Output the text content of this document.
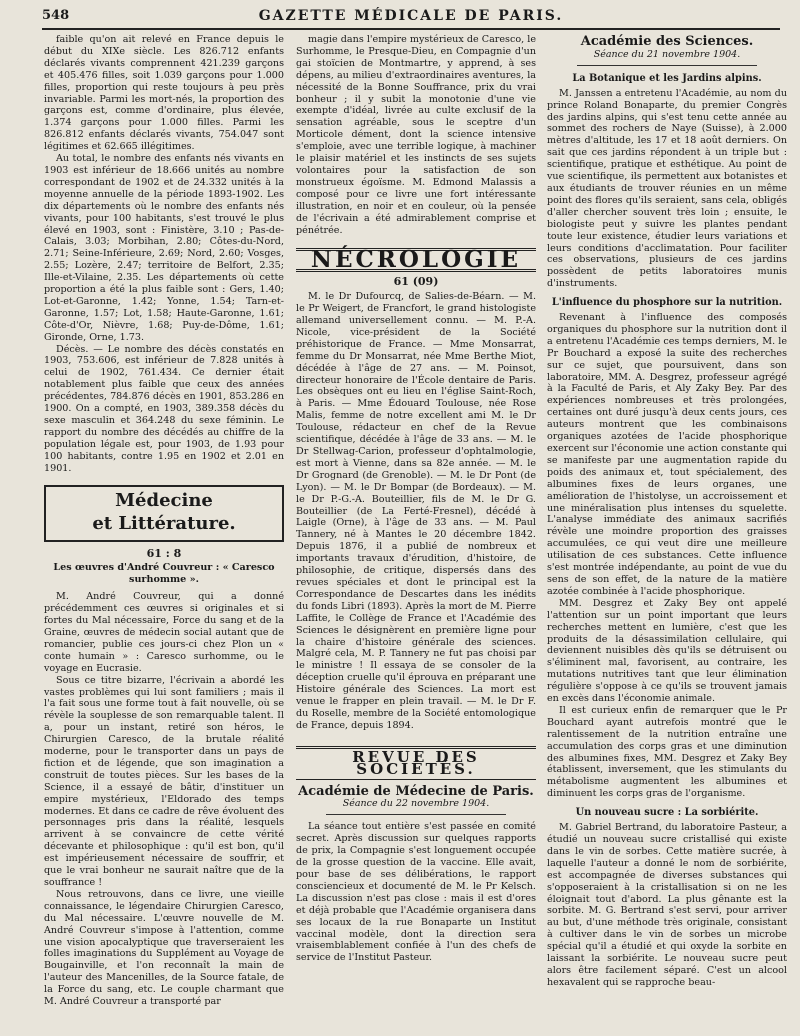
548	GAZETTE MÉDICALE DE PARIS.

faible qu'on ait relevé en France depuis le début du XIXe siècle. Les 826.712 enfants déclarés vivants comprennent 421.239 garçons et 405.476 filles, soit 1.039 garçons pour 1.000 filles, proportion qui reste toujours à peu près invariable. Parmi les mort-nés, la proportion des garçons est, comme d'ordinaire, plus élevée, 1.374 garçons pour 1.000 filles. Parmi les 826.812 enfants déclarés vivants, 754.047 sont légitimes et 62.665 illégitimes.

Au total, le nombre des enfants nés vivants en 1903 est inférieur de 18.666 unités au nombre correspondant de 1902 et de 24.332 unités à la moyenne annuelle de la période 1893-1902. Les dix départements où le nombre des enfants nés vivants, pour 100 habitants, s'est trouvé le plus élevé en 1903, sont : Finistère, 3.10 ; Pas-de-Calais, 3.03; Morbihan, 2.80; Côtes-du-Nord, 2.71; Seine-Inférieure, 2.69; Nord, 2.60; Vosges, 2.55; Lozère, 2.47; territoire de Belfort, 2.35; Ille-et-Vilaine, 2.35. Les départements où cette proportion a été la plus faible sont : Gers, 1.40; Lot-et-Garonne, 1.42; Yonne, 1.54; Tarn-et-Garonne, 1.57; Lot, 1.58; Haute-Garonne, 1.61; Côte-d'Or, Nièvre, 1.68; Puy-de-Dôme, 1.61; Gironde, Orne, 1.73.

Décès. — Le nombre des décès constatés en 1903, 753.606, est inférieur de 7.828 unités à celui de 1902, 761.434. Ce dernier était notablement plus faible que ceux des années précédentes, 784.876 décès en 1901, 853.286 en 1900. On a compté, en 1903, 389.358 décès du sexe masculin et 364.248 du sexe féminin. Le rapport du nombre des décédés au chiffre de la population légale est, pour 1903, de 1.93 pour 100 habitants, contre 1.95 en 1902 et 2.01 en 1901.

Médecine
et Littérature.
61 : 8
Les œuvres d'André Couvreur : « Caresco surhomme ».

M. André Couvreur, qui a donné précédemment ces œuvres si originales et si fortes du Mal nécessaire, Force du sang et de la Graine, œuvres de médecin social autant que de romancier, publie ces jours-ci chez Plon un « conte humain » : Caresco surhomme, ou le voyage en Eucrasie.

Sous ce titre bizarre, l'écrivain a abordé les vastes problèmes qui lui sont familiers ; mais il l'a fait sous une forme tout à fait nouvelle, où se révèle la souplesse de son remarquable talent. Il a, pour un instant, retiré son héros, le Chirurgien Caresco, de la brutale réalité moderne, pour le transporter dans un pays de fiction et de légende, que son imagination a construit de toutes pièces. Sur les bases de la Science, il a essayé de bâtir, d'instituer un empire mystérieux, l'Eldorado des temps modernes. Et dans ce cadre de rêve évoluent des personnages pris dans la réalité, lesquels arrivent à se convaincre de cette vérité décevante et philosophique : qu'il est bon, qu'il est impérieusement nécessaire de souffrir, et que le vrai bonheur ne saurait naître que de la souffrance !

Nous retrouvons, dans ce livre, une vieille connaissance, le légendaire Chirurgien Caresco, du Mal nécessaire. L'œuvre nouvelle de M. André Couvreur s'impose à l'attention, comme une vision apocalyptique que traverseraient les folles imaginations du Supplément au Voyage de Bougainville, et l'on reconnaît la main de l'auteur des Mancenilles, de la Source fatale, de la Force du sang, etc. Le couple charmant que M. André Couvreur a transporté par

magie dans l'empire mystérieux de Caresco, le Surhomme, le Presque-Dieu, en Compagnie d'un gai stoïcien de Montmartre, y apprend, à ses dépens, au milieu d'extraordinaires aventures, la nécessité de la Bonne Souffrance, prix du vrai bonheur ; il y subit la monotonie d'une vie exempte d'idéal, livrée au culte exclusif de la sensation agréable, sous le sceptre d'un Morticole dément, dont la science intensive s'emploie, avec une terrible logique, à machiner le plaisir matériel et les instincts de ses sujets volontaires pour la satisfaction de son monstrueux égoïsme. M. Edmond Malassis a composé pour ce livre une fort intéressante illustration, en noir et en couleur, où la pensée de l'écrivain a été admirablement comprise et pénétrée.

NÉCROLOGIE
61 (09)

M. le Dr Dufourcq, de Salies-de-Béarn. — M. le Pr Weigert, de Francfort, le grand histologiste allemand universellement connu. — M. P.-A. Nicole, vice-président de la Société préhistorique de France. — Mme Monsarrat, femme du Dr Monsarrat, née Mme Berthe Miot, décédée à l'âge de 27 ans. — M. Poinsot, directeur honoraire de l'École dentaire de Paris. Les obsèques ont eu lieu en l'église Saint-Roch, à Paris. — Mme Édouard Toulouse, née Rose Malis, femme de notre excellent ami M. le Dr Toulouse, rédacteur en chef de la Revue scientifique, décédée à l'âge de 33 ans. — M. le Dr Stellwag-Carion, professeur d'ophtalmologie, est mort à Vienne, dans sa 82e année. — M. le Dr Grognard (de Grenoble). — M. le Dr Pont (de Lyon). — M. le Dr Bompar (de Bordeaux). — M. le Dr P.-G.-A. Bouteillier, fils de M. le Dr G. Bouteillier (de La Ferté-Fresnel), décédé à Laigle (Orne), à l'âge de 33 ans. — M. Paul Tannery, né à Mantes le 20 décembre 1842. Depuis 1876, il a publié de nombreux et importants travaux d'érudition, d'histoire, de philosophie, de critique, dispersés dans des revues spéciales et dont le principal est la Correspondance de Descartes dans les inédits du fonds Libri (1893). Après la mort de M. Pierre Laffite, le Collège de France et l'Académie des Sciences le désignèrent en première ligne pour la chaire d'histoire générale des sciences. Malgré cela, M. P. Tannery ne fut pas choisi par le ministre ! Il essaya de se consoler de la déception cruelle qu'il éprouva en préparant une Histoire générale des Sciences. La mort est venue le frapper en plein travail. — M. le Dr F. du Roselle, membre de la Société entomologique de France, depuis 1894.

REVUE DES SOCIÉTÉS.
Académie de Médecine de Paris.
Séance du 22 novembre 1904.

La séance tout entière s'est passée en comité secret. Après discussion sur quelques rapports de prix, la Compagnie s'est longuement occupée de la grosse question de la vaccine. Elle avait, pour base de ses délibérations, le rapport consciencieux et documenté de M. le Pr Kelsch. La discussion n'est pas close : mais il est d'ores et déjà probable que l'Académie organisera dans ses locaux de la rue Bonaparte un Institut vaccinal modèle, dont la direction sera vraisemblablement confiée à l'un des chefs de service de l'Institut Pasteur.

Académie des Sciences.
Séance du 21 novembre 1904.
La Botanique et les Jardins alpins.

M. Janssen a entretenu l'Académie, au nom du prince Roland Bonaparte, du premier Congrès des jardins alpins, qui s'est tenu cette année au sommet des rochers de Naye (Suisse), à 2.000 mètres d'altitude, les 17 et 18 août derniers. On sait que ces jardins répondent à un triple but : scientifique, pratique et esthétique. Au point de vue scientifique, ils permettent aux botanistes et aux étudiants de trouver réunies en un même point des flores qu'ils seraient, sans cela, obligés d'aller chercher souvent très loin ; ensuite, le biologiste peut y suivre les plantes pendant toute leur existence, étudier leurs variations et leurs conditions d'acclimatation. Pour faciliter ces observations, plusieurs de ces jardins possèdent de petits laboratoires munis d'instruments.

L'influence du phosphore sur la nutrition.

Revenant à l'influence des composés organiques du phosphore sur la nutrition dont il a entretenu l'Académie ces temps derniers, M. le Pr Bouchard a exposé la suite des recherches sur ce sujet, que poursuivent, dans son laboratoire, MM. A. Desgrez, professeur agrégé à la Faculté de Paris, et Aly Zaky Bey. Par des expériences nombreuses et très prolongées, certaines ont duré jusqu'à deux cents jours, ces auteurs montrent que les combinaisons organiques azotées de l'acide phosphorique exercent sur l'économie une action constante qui se manifeste par une augmentation rapide du poids des animaux et, tout spécialement, des albumines fixes de leurs organes, une amélioration de l'histolyse, un accroissement et une minéralisation plus intenses du squelette. L'analyse immédiate des animaux sacrifiés révèle une moindre proportion des graisses accumulées, ce qui veut dire une meilleure utilisation de ces substances. Cette influence s'est montrée indépendante, au point de vue du sens de son effet, de la nature de la matière azotée combinée à l'acide phosphorique.

MM. Desgrez et Zaky Bey ont appelé l'attention sur un point important que leurs recherches mettent en lumière, c'est que les produits de la désassimilation cellulaire, qui deviennent nuisibles dès qu'ils se détruisent ou s'éliminent mal, favorisent, au contraire, les mutations nutritives tant que leur élimination régulière s'oppose à ce qu'ils se trouvent jamais en excès dans l'économie animale.

Il est curieux enfin de remarquer que le Pr Bouchard ayant autrefois montré que le ralentissement de la nutrition entraîne une accumulation des corps gras et une diminution des albumines fixes, MM. Desgrez et Zaky Bey établissent, inversement, que les stimulants du métabolisme augmentent les albumines et diminuent les corps gras de l'organisme.

Un nouveau sucre : La sorbiérite.

M. Gabriel Bertrand, du laboratoire Pasteur, a étudié un nouveau sucre cristallisé qui existe dans le vin de sorbes. Cette matière sucrée, à laquelle l'auteur a donné le nom de sorbiérite, est accompagnée de diverses substances qui s'opposeraient à la cristallisation si on ne les éloignait tout d'abord. La plus gênante est la sorbite. M. G. Bertrand s'est servi, pour arriver au but, d'une méthode très originale, consistant à cultiver dans le vin de sorbes un microbe spécial qu'il a étudié et qui oxyde la sorbite en laissant la sorbiérite. Le nouveau sucre peut alors être facilement séparé. C'est un alcool hexavalent qui se rapproche beau-
